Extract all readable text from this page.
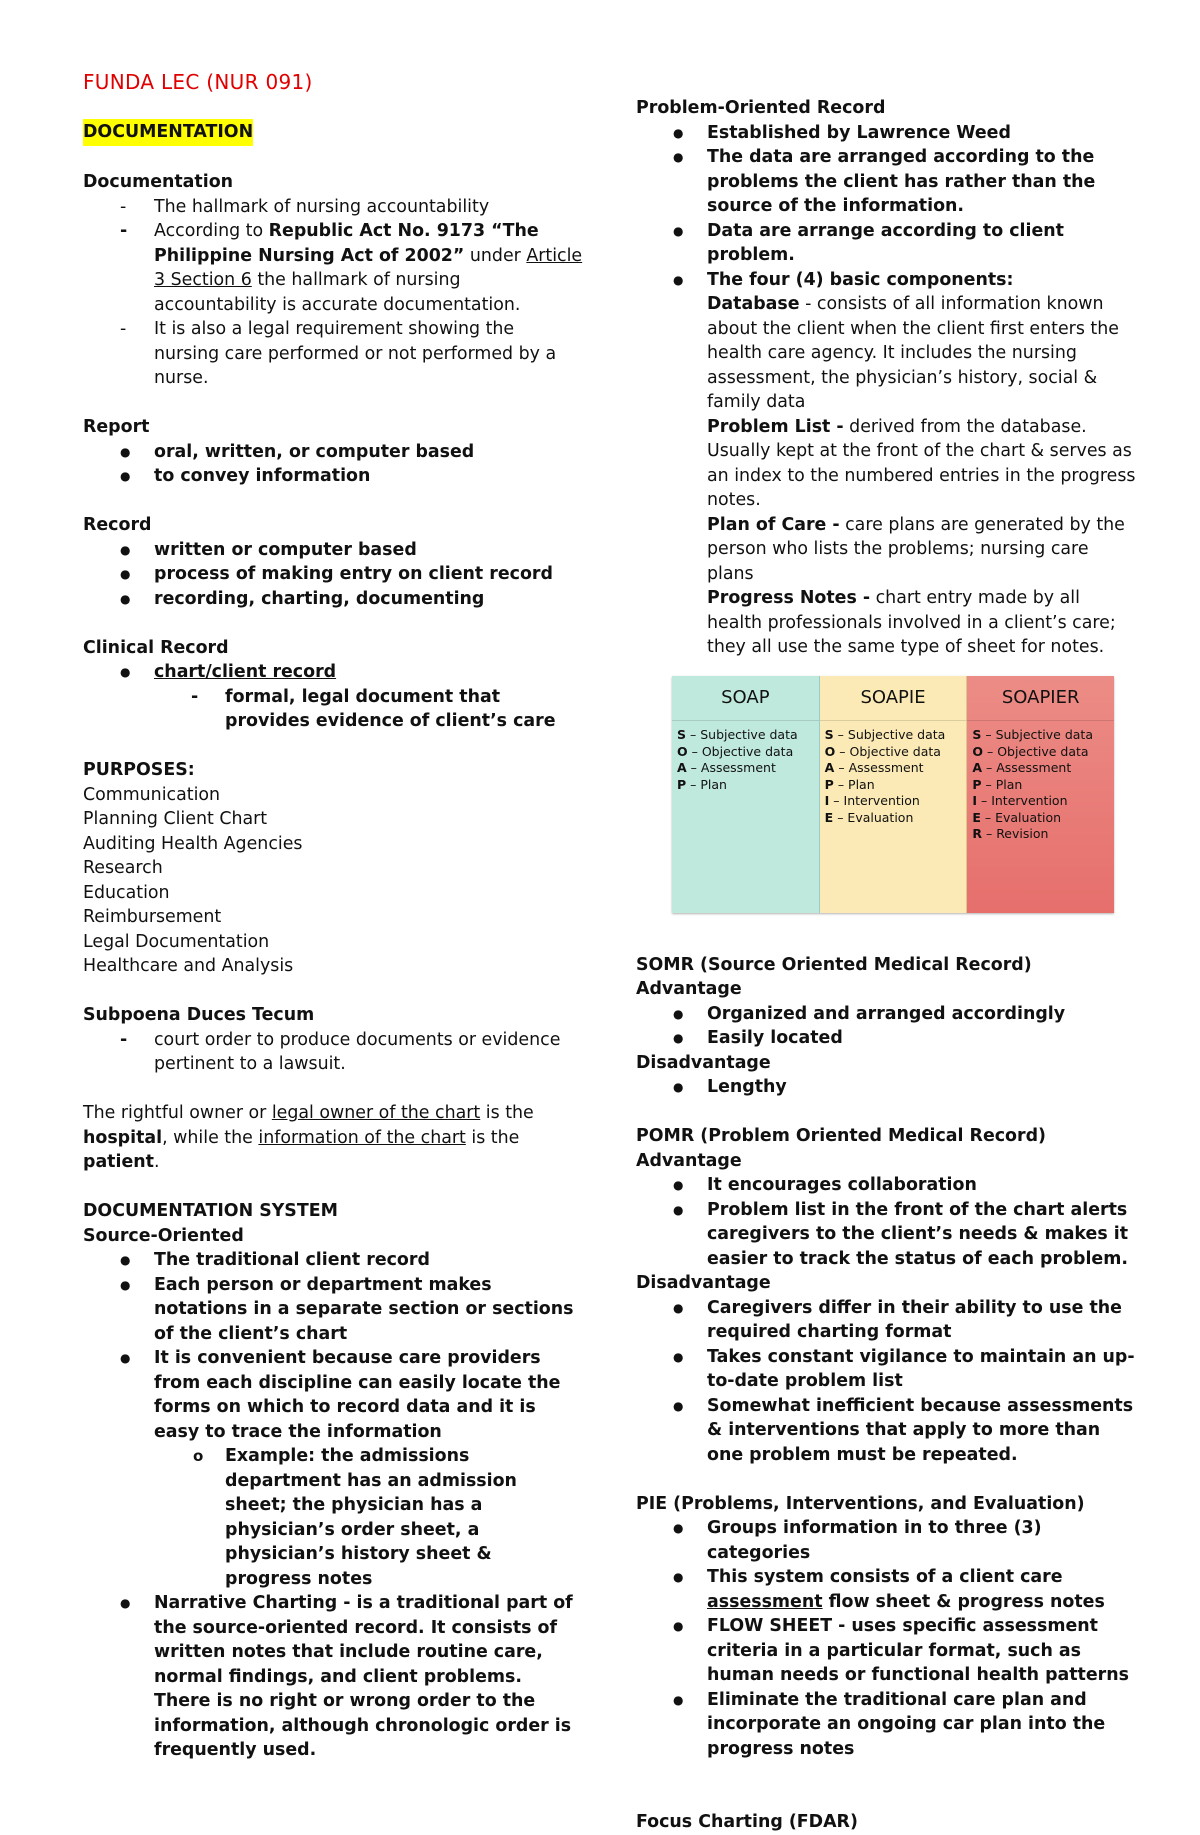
FUNDA LEC (NUR 091)
DOCUMENTATION

Documentation

- The hallmark of nursing accountability
- According to Republic Act No. 9173 “The Philippine Nursing Act of 2002” under Article 3 Section 6 the hallmark of nursing accountability is accurate documentation.
- It is also a legal requirement showing the nursing care performed or not performed by a nurse.

Report

● oral, written, or computer based
● to convey information

Record

● written or computer based
● process of making entry on client record
● recording, charting, documenting

Clinical Record

● chart/client record
- formal, legal document that provides evidence of client’s care

PURPOSES:

Communication

Planning Client Chart

Auditing Health Agencies

Research

Education

Reimbursement

Legal Documentation

Healthcare and Analysis

Subpoena Duces Tecum

- court order to produce documents or evidence pertinent to a lawsuit.

The rightful owner or legal owner of the chart is the hospital, while the information of the chart is the patient.

DOCUMENTATION SYSTEM

Source-Oriented

● The traditional client record
● Each person or department makes notations in a separate section or sections of the client’s chart
● It is convenient because care providers from each discipline can easily locate the forms on which to record data and it is easy to trace the information
o Example: the admissions department has an admission sheet; the physician has a physician’s order sheet, a physician’s history sheet & progress notes
● Narrative Charting - is a traditional part of the source-oriented record. It consists of written notes that include routine care, normal findings, and client problems. There is no right or wrong order to the information, although chronologic order is frequently used.

Problem-Oriented Record

● Established by Lawrence Weed
● The data are arranged according to the problems the client has rather than the source of the information.
● Data are arrange according to client problem.
● The four (4) basic components:

Database - consists of all information known about the client when the client first enters the health care agency. It includes the nursing assessment, the physician’s history, social & family data

Problem List - derived from the database. Usually kept at the front of the chart & serves as an index to the numbered entries in the progress notes.

Plan of Care - care plans are generated by the person who lists the problems; nursing care plans

Progress Notes - chart entry made by all health professionals involved in a client’s care; they all use the same type of sheet for notes.

SOMR (Source Oriented Medical Record)

Advantage

● Organized and arranged accordingly
● Easily located

Disadvantage

● Lengthy

POMR (Problem Oriented Medical Record)

Advantage

● It encourages collaboration
● Problem list in the front of the chart alerts caregivers to the client’s needs & makes it easier to track the status of each problem.

Disadvantage

● Caregivers differ in their ability to use the required charting format
● Takes constant vigilance to maintain an up-to-date problem list
● Somewhat inefficient because assessments & interventions that apply to more than one problem must be repeated.

PIE (Problems, Interventions, and Evaluation)

● Groups information in to three (3) categories
● This system consists of a client care assessment flow sheet & progress notes
● FLOW SHEET - uses specific assessment criteria in a particular format, such as human needs or functional health patterns
● Eliminate the traditional care plan and incorporate an ongoing car plan into the progress notes

Focus Charting (FDAR)

SOAP
S – Subjective data
O – Objective data
A – Assessment
P – Plan
SOAPIE
S – Subjective data
O – Objective data
A – Assessment
P – Plan
I – Intervention
E – Evaluation
SOAPIER
S – Subjective data
O – Objective data
A – Assessment
P – Plan
I – Intervention
E – Evaluation
R – Revision
